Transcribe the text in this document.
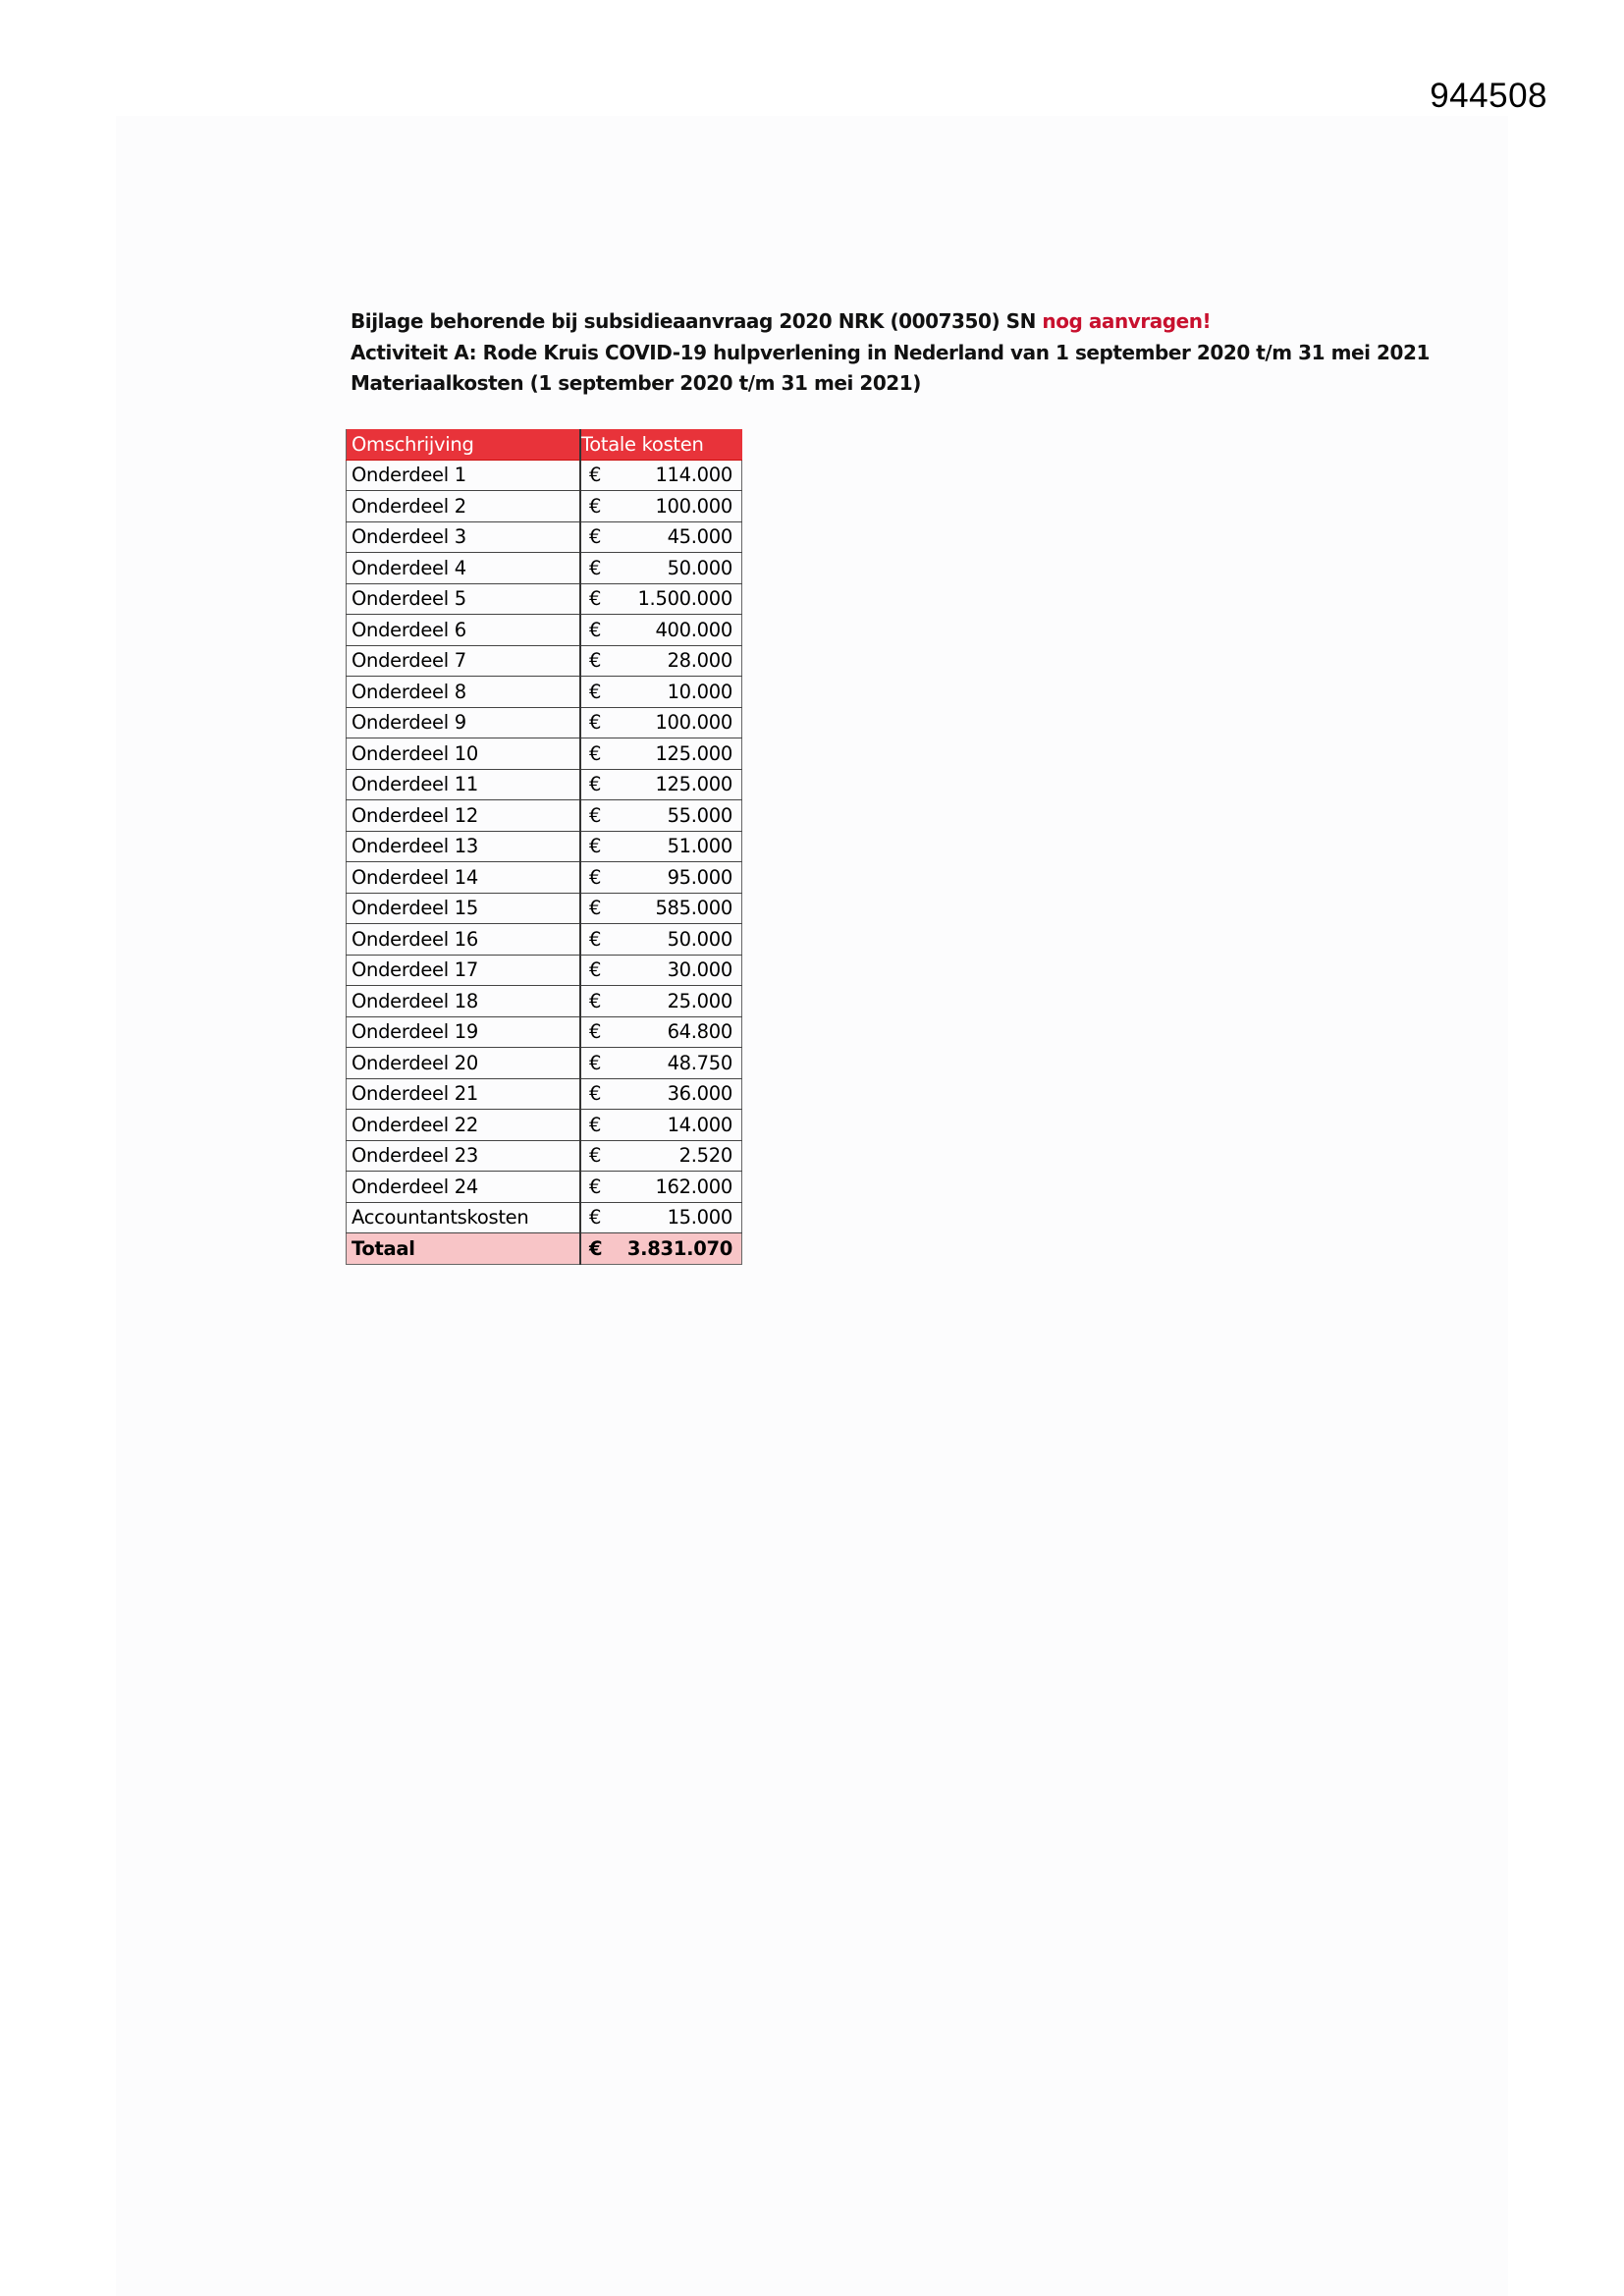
944508
Bijlage behorende bij subsidieaanvraag 2020 NRK (0007350) SN nog aanvragen!
Activiteit A: Rode Kruis COVID-19 hulpverlening in Nederland van 1 september 2020 t/m 31 mei 2021
Materiaalkosten (1 september 2020 t/m 31 mei 2021)
Omschrijving	Totale kosten	
Onderdeel 1	€	114.000
Onderdeel 2	€	100.000
Onderdeel 3	€	45.000
Onderdeel 4	€	50.000
Onderdeel 5	€	1.500.000
Onderdeel 6	€	400.000
Onderdeel 7	€	28.000
Onderdeel 8	€	10.000
Onderdeel 9	€	100.000
Onderdeel 10	€	125.000
Onderdeel 11	€	125.000
Onderdeel 12	€	55.000
Onderdeel 13	€	51.000
Onderdeel 14	€	95.000
Onderdeel 15	€	585.000
Onderdeel 16	€	50.000
Onderdeel 17	€	30.000
Onderdeel 18	€	25.000
Onderdeel 19	€	64.800
Onderdeel 20	€	48.750
Onderdeel 21	€	36.000
Onderdeel 22	€	14.000
Onderdeel 23	€	2.520
Onderdeel 24	€	162.000
Accountantskosten	€	15.000
Totaal	€	3.831.070
